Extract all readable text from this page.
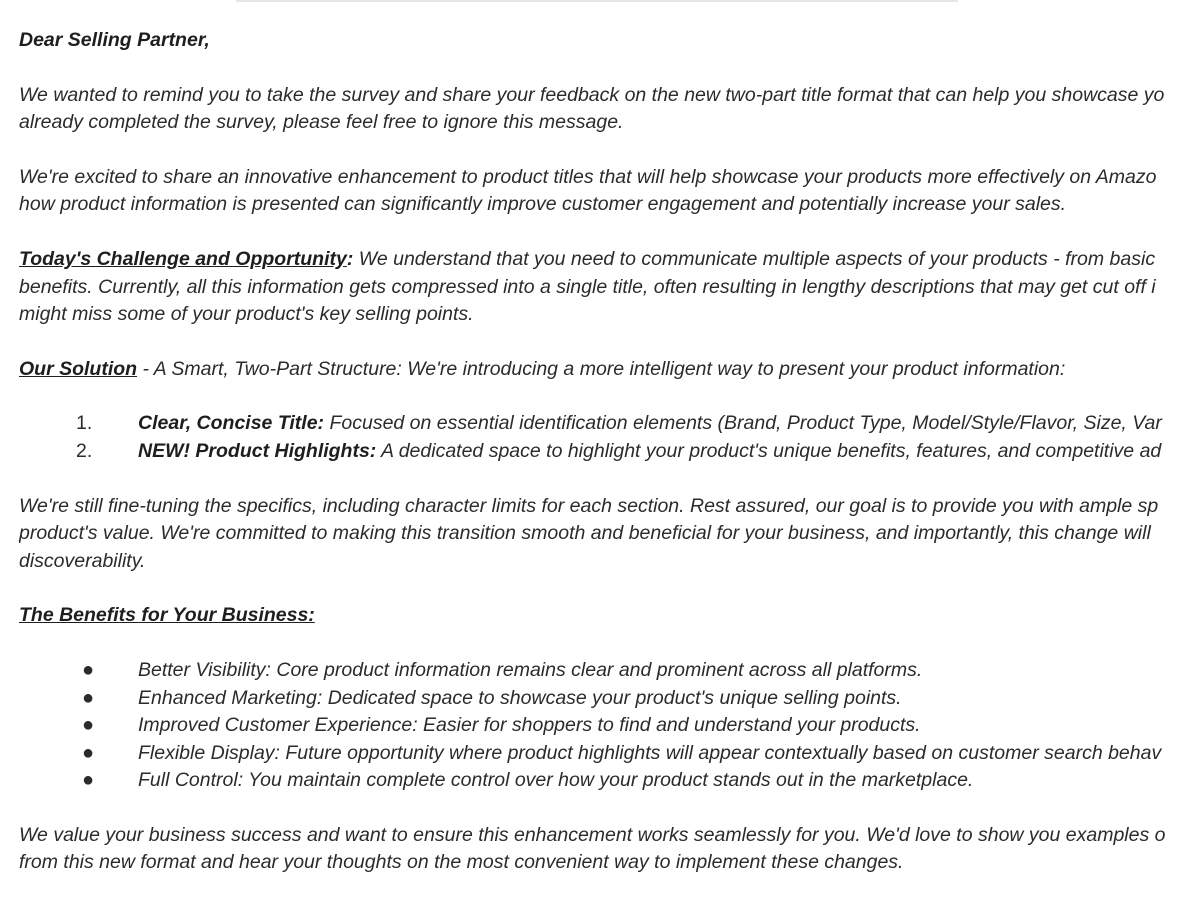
Dear Selling Partner,
We wanted to remind you to take the survey and share your feedback on the new two-part title format that can help you showcase yo
already completed the survey, please feel free to ignore this message.
We're excited to share an innovative enhancement to product titles that will help showcase your products more effectively on Amazo
how product information is presented can significantly improve customer engagement and potentially increase your sales.
Today's Challenge and Opportunity: We understand that you need to communicate multiple aspects of your products - from basic
benefits. Currently, all this information gets compressed into a single title, often resulting in lengthy descriptions that may get cut off i
might miss some of your product's key selling points.
Our Solution - A Smart, Two-Part Structure: We're introducing a more intelligent way to present your product information:
1. Clear, Concise Title: Focused on essential identification elements (Brand, Product Type, Model/Style/Flavor, Size, Var
2. NEW! Product Highlights: A dedicated space to highlight your product's unique benefits, features, and competitive ad
We're still fine-tuning the specifics, including character limits for each section. Rest assured, our goal is to provide you with ample sp
product's value. We're committed to making this transition smooth and beneficial for your business, and importantly, this change will
discoverability.
The Benefits for Your Business:
● Better Visibility: Core product information remains clear and prominent across all platforms.
● Enhanced Marketing: Dedicated space to showcase your product's unique selling points.
● Improved Customer Experience: Easier for shoppers to find and understand your products.
● Flexible Display: Future opportunity where product highlights will appear contextually based on customer search behav
● Full Control: You maintain complete control over how your product stands out in the marketplace.
We value your business success and want to ensure this enhancement works seamlessly for you. We'd love to show you examples o
from this new format and hear your thoughts on the most convenient way to implement these changes.
